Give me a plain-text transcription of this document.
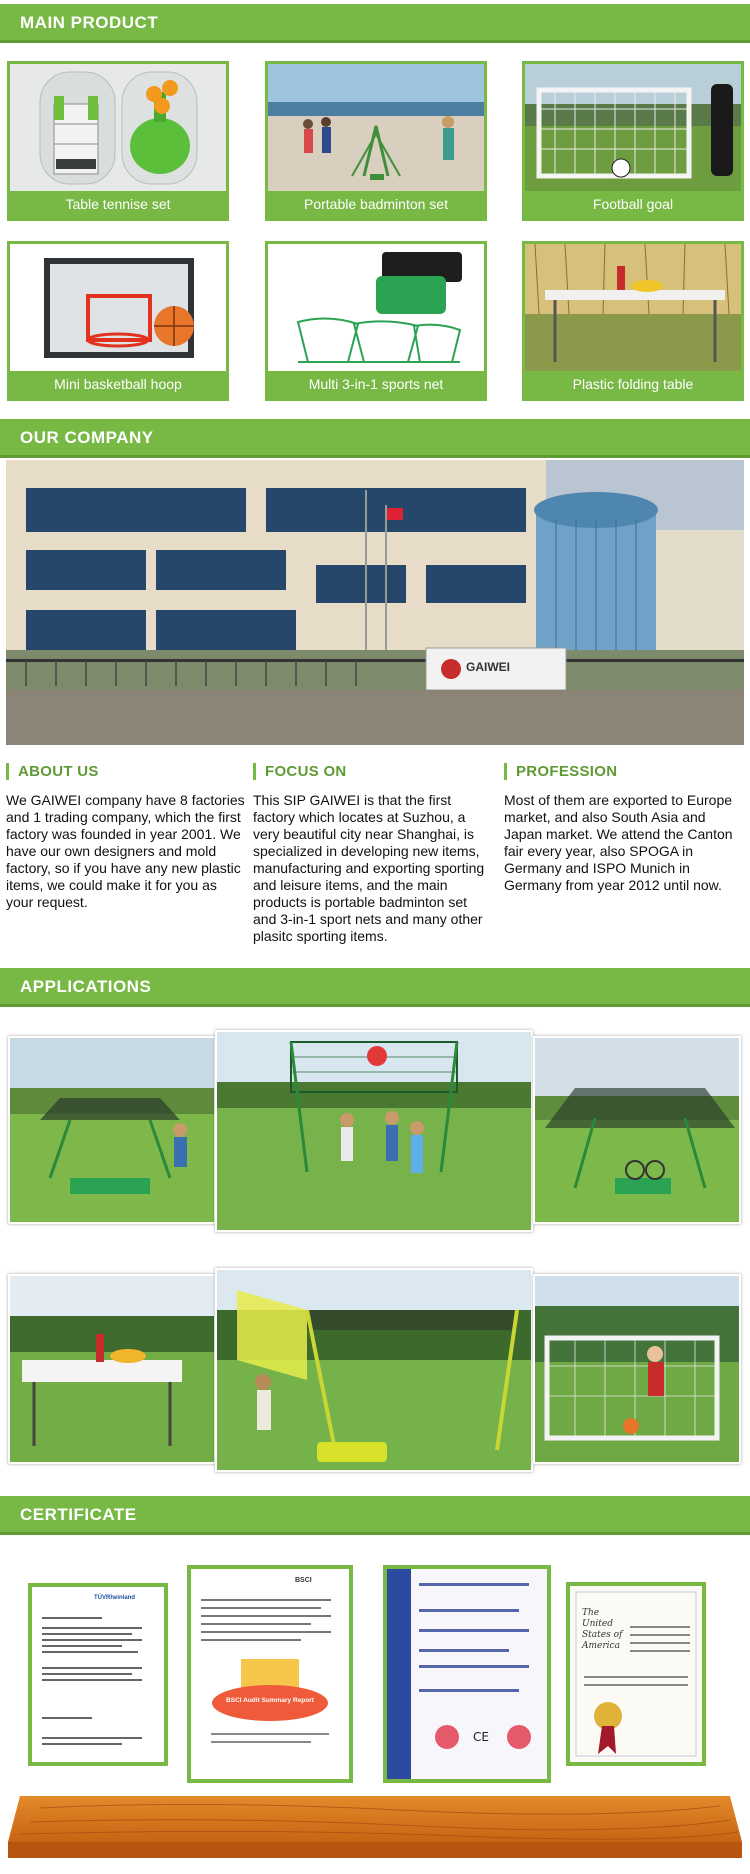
MAIN PRODUCT
Table tennise set	Portable badminton set	Football goal
Mini basketball hoop	Multi 3-in-1 sports net	Plastic folding table
OUR COMPANY
GAIWEI
ABOUT US
We GAIWEI company have 8 factories and 1 trading company, which the first factory was founded in year 2001. We have our own designers and mold factory, so if you have any new plastic items, we could make it for you as your request.
FOCUS ON
This SIP GAIWEI is that the first factory which locates at Suzhou, a very beautiful city near Shanghai, is specialized in developing new items, manufacturing and exporting sporting and leisure items, and the main products is portable badminton set and 3-in-1 sport nets and many other plasitc sporting items.
PROFESSION
Most of them are exported to Europe market, and also South Asia and Japan market. We attend the Canton fair every year, also SPOGA in Germany and ISPO Munich in Germany from year 2012 until now.
APPLICATIONS
CERTIFICATE
TÜVRheinland
BSCI
BSCI Audit Summary Report
CE
The United States of America
